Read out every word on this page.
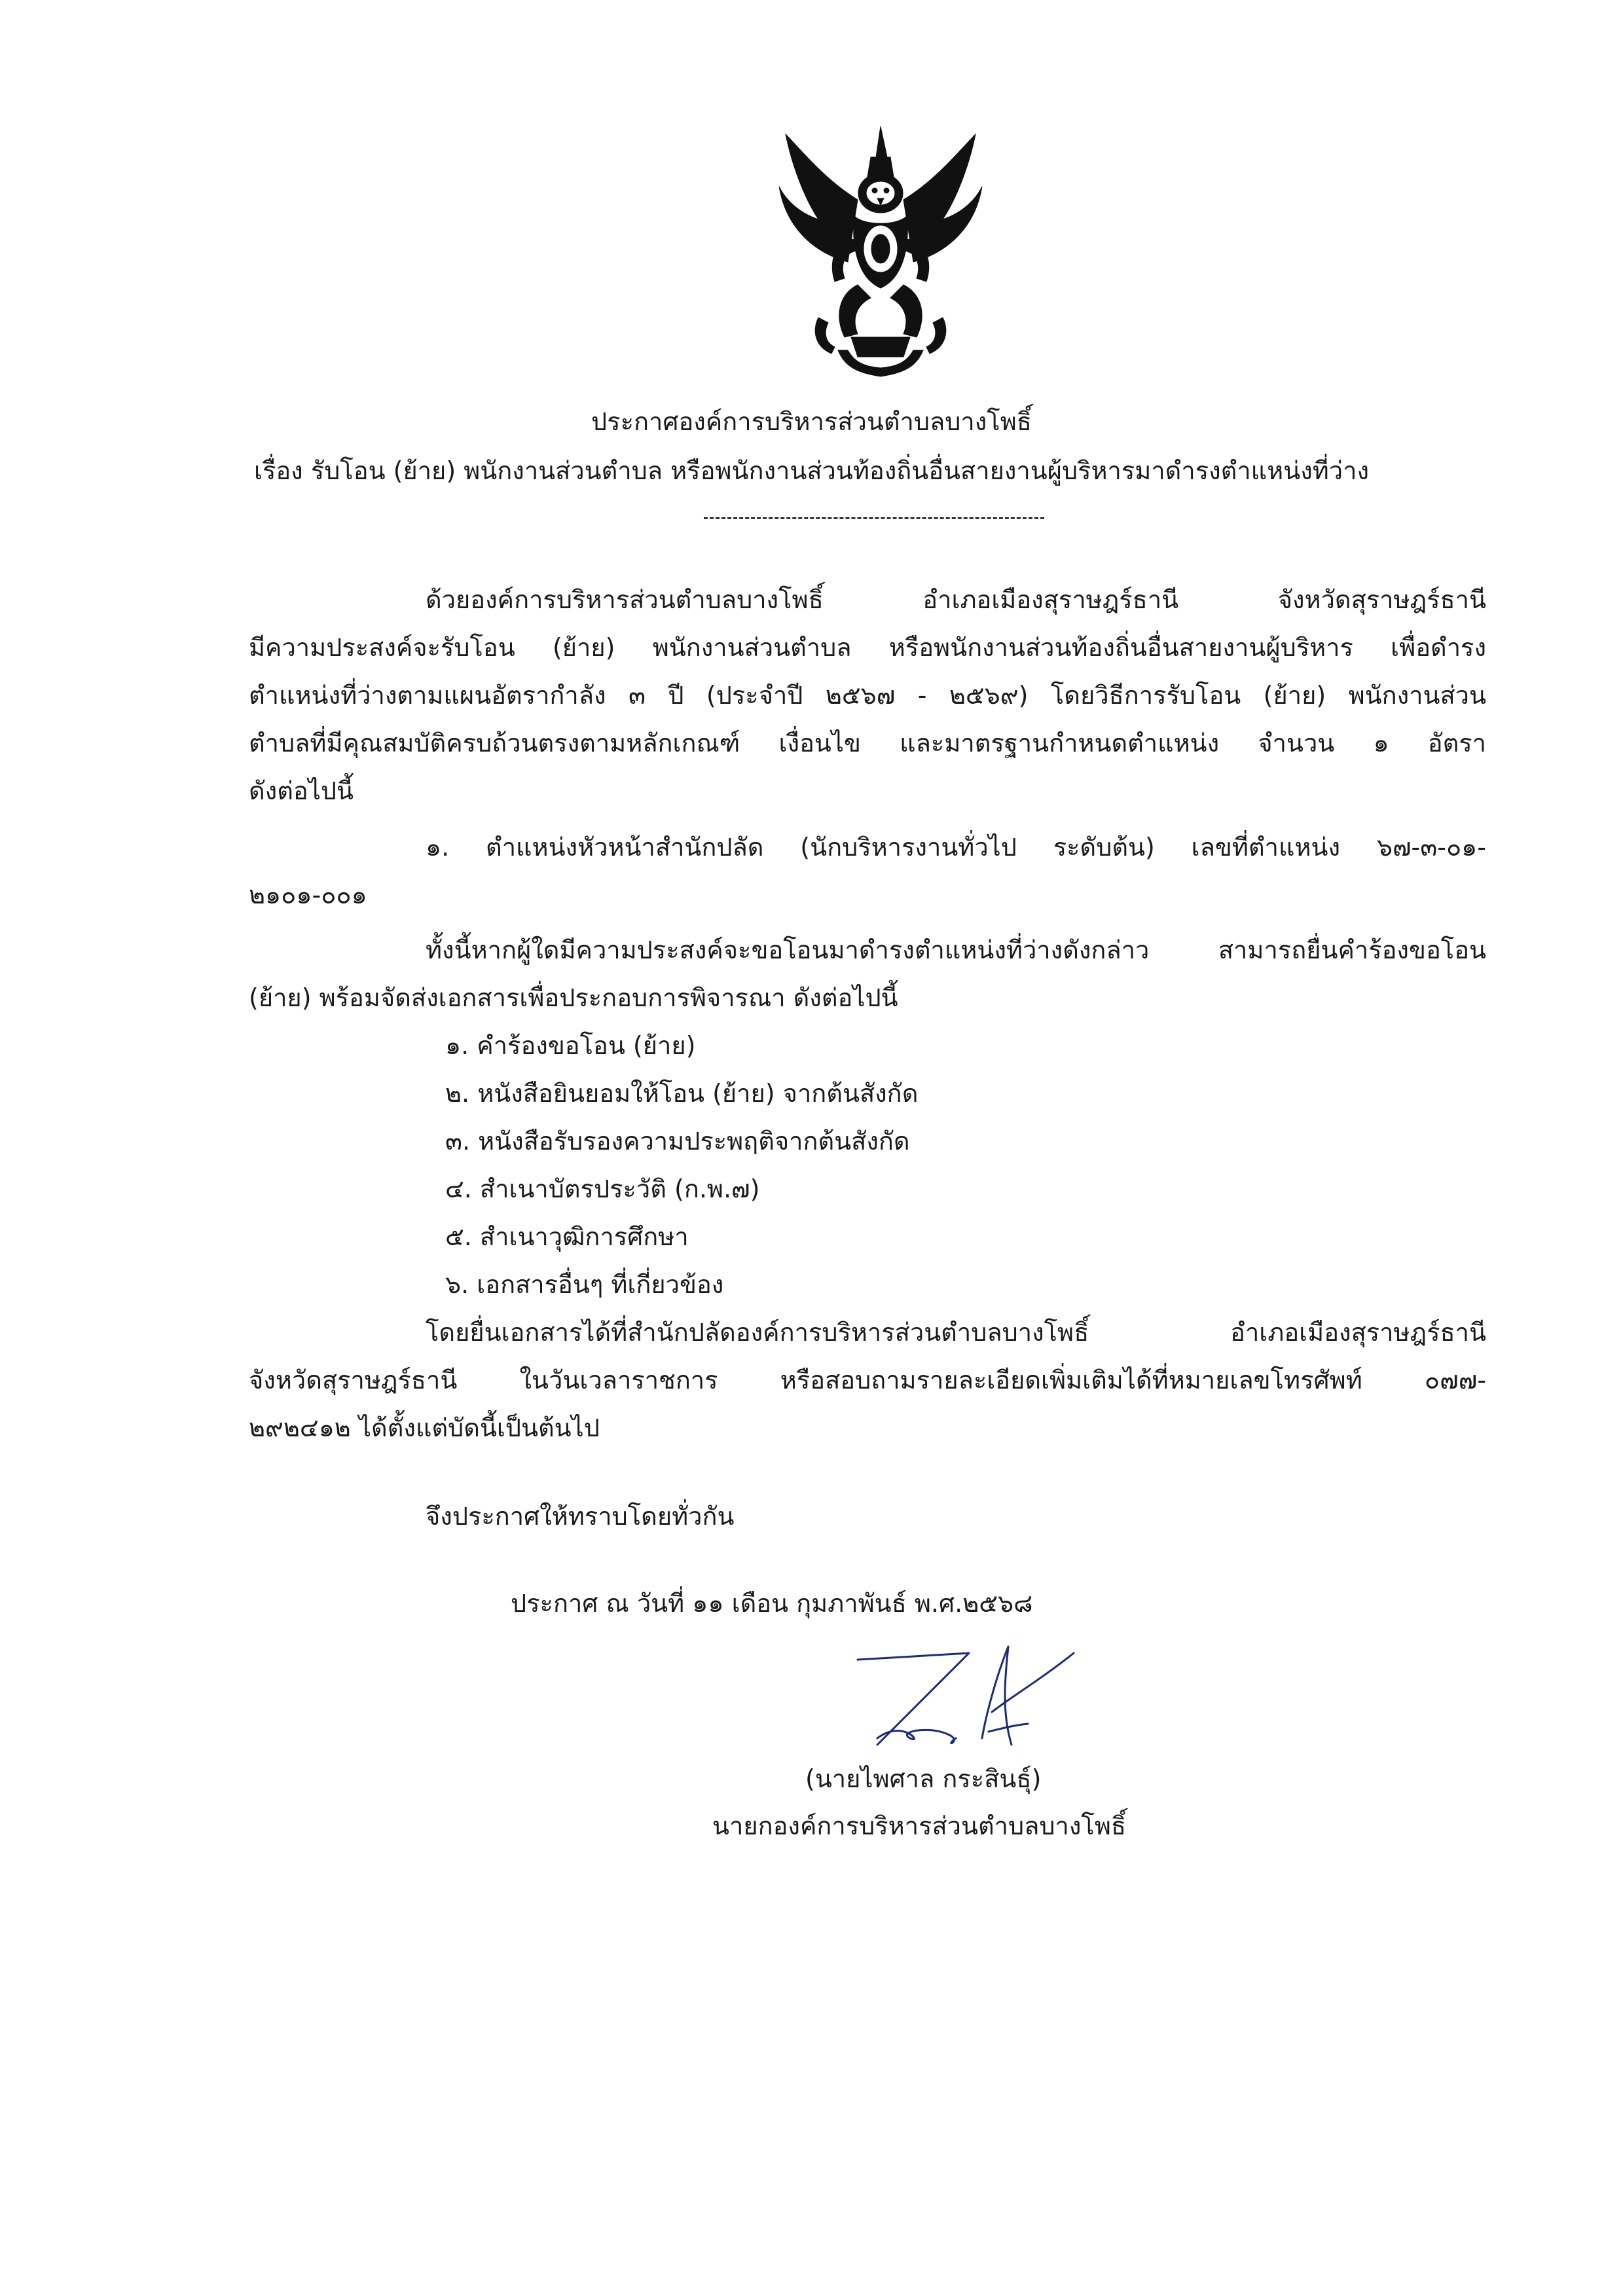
ประกาศองค์การบริหารส่วนตำบลบางโพธิ์
เรื่อง รับโอน (ย้าย) พนักงานส่วนตำบล หรือพนักงานส่วนท้องถิ่นอื่นสายงานผู้บริหารมาดำรงตำแหน่งที่ว่าง
ด้วยองค์การบริหารส่วนตำบลบางโพธิ์ อำเภอเมืองสุราษฎร์ธานี จังหวัดสุราษฎร์ธานี
มีความประสงค์จะรับโอน (ย้าย) พนักงานส่วนตำบล หรือพนักงานส่วนท้องถิ่นอื่นสายงานผู้บริหาร เพื่อดำรง
ตำแหน่งที่ว่างตามแผนอัตรากำลัง ๓ ปี (ประจำปี ๒๕๖๗ - ๒๕๖๙) โดยวิธีการรับโอน (ย้าย) พนักงานส่วน
ตำบลที่มีคุณสมบัติครบถ้วนตรงตามหลักเกณฑ์ เงื่อนไข และมาตรฐานกำหนดตำแหน่ง จำนวน ๑ อัตรา
ดังต่อไปนี้
๑. ตำแหน่งหัวหน้าสำนักปลัด (นักบริหารงานทั่วไป ระดับต้น) เลขที่ตำแหน่ง ๖๗-๓-๐๑-
๒๑๐๑-๐๐๑
ทั้งนี้หากผู้ใดมีความประสงค์จะขอโอนมาดำรงตำแหน่งที่ว่างดังกล่าว สามารถยื่นคำร้องขอโอน
(ย้าย) พร้อมจัดส่งเอกสารเพื่อประกอบการพิจารณา ดังต่อไปนี้
๑. คำร้องขอโอน (ย้าย)
๒. หนังสือยินยอมให้โอน (ย้าย) จากต้นสังกัด
๓. หนังสือรับรองความประพฤติจากต้นสังกัด
๔. สำเนาบัตรประวัติ (ก.พ.๗)
๕. สำเนาวุฒิการศึกษา
๖. เอกสารอื่นๆ ที่เกี่ยวข้อง
โดยยื่นเอกสารได้ที่สำนักปลัดองค์การบริหารส่วนตำบลบางโพธิ์ อำเภอเมืองสุราษฎร์ธานี
จังหวัดสุราษฎร์ธานี ในวันเวลาราชการ หรือสอบถามรายละเอียดเพิ่มเติมได้ที่หมายเลขโทรศัพท์ ๐๗๗-
๒๙๒๔๑๒ ได้ตั้งแต่บัดนี้เป็นต้นไป
จึงประกาศให้ทราบโดยทั่วกัน
ประกาศ ณ วันที่ ๑๑ เดือน กุมภาพันธ์ พ.ศ.๒๕๖๘
(นายไพศาล กระสินธุ์)
นายกองค์การบริหารส่วนตำบลบางโพธิ์
